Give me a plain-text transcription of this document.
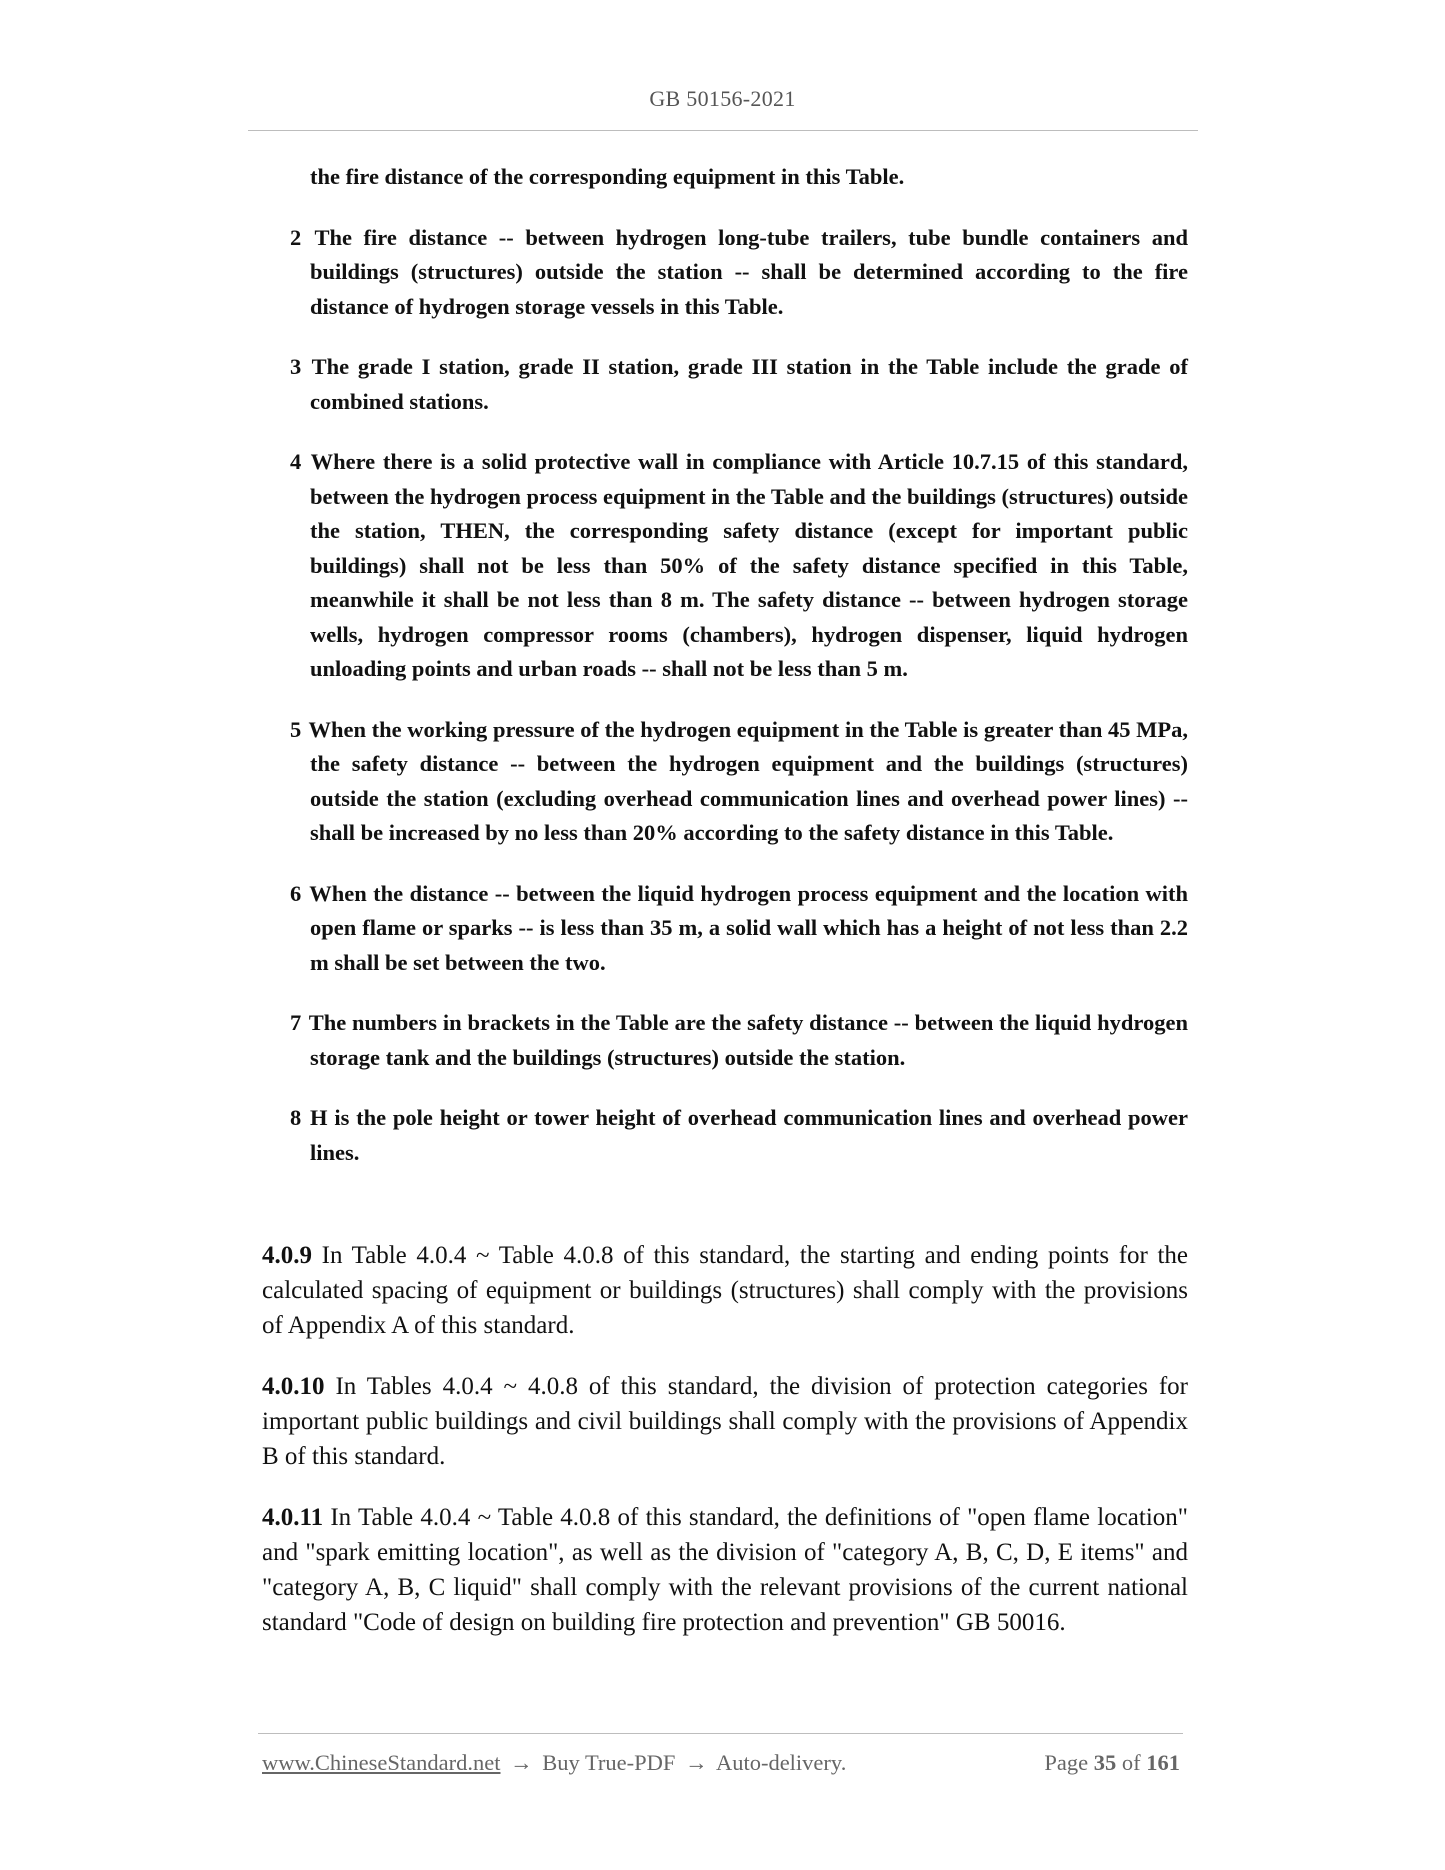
GB 50156-2021

the fire distance of the corresponding equipment in this Table.

2 The fire distance -- between hydrogen long-tube trailers, tube bundle containers and buildings (structures) outside the station -- shall be determined according to the fire distance of hydrogen storage vessels in this Table.

3 The grade I station, grade II station, grade III station in the Table include the grade of combined stations.

4 Where there is a solid protective wall in compliance with Article 10.7.15 of this standard, between the hydrogen process equipment in the Table and the buildings (structures) outside the station, THEN, the corresponding safety distance (except for important public buildings) shall not be less than 50% of the safety distance specified in this Table, meanwhile it shall be not less than 8 m. The safety distance -- between hydrogen storage wells, hydrogen compressor rooms (chambers), hydrogen dispenser, liquid hydrogen unloading points and urban roads -- shall not be less than 5 m.

5 When the working pressure of the hydrogen equipment in the Table is greater than 45 MPa, the safety distance -- between the hydrogen equipment and the buildings (structures) outside the station (excluding overhead communication lines and overhead power lines) -- shall be increased by no less than 20% according to the safety distance in this Table.

6 When the distance -- between the liquid hydrogen process equipment and the location with open flame or sparks -- is less than 35 m, a solid wall which has a height of not less than 2.2 m shall be set between the two.

7 The numbers in brackets in the Table are the safety distance -- between the liquid hydrogen storage tank and the buildings (structures) outside the station.

8 H is the pole height or tower height of overhead communication lines and overhead power lines.

4.0.9 In Table 4.0.4 ~ Table 4.0.8 of this standard, the starting and ending points for the calculated spacing of equipment or buildings (structures) shall comply with the provisions of Appendix A of this standard.

4.0.10 In Tables 4.0.4 ~ 4.0.8 of this standard, the division of protection categories for important public buildings and civil buildings shall comply with the provisions of Appendix B of this standard.

4.0.11 In Table 4.0.4 ~ Table 4.0.8 of this standard, the definitions of "open flame location" and "spark emitting location", as well as the division of "category A, B, C, D, E items" and "category A, B, C liquid" shall comply with the relevant provisions of the current national standard "Code of design on building fire protection and prevention" GB 50016.

www.ChineseStandard.net → Buy True-PDF → Auto-delivery.	Page 35 of 161
